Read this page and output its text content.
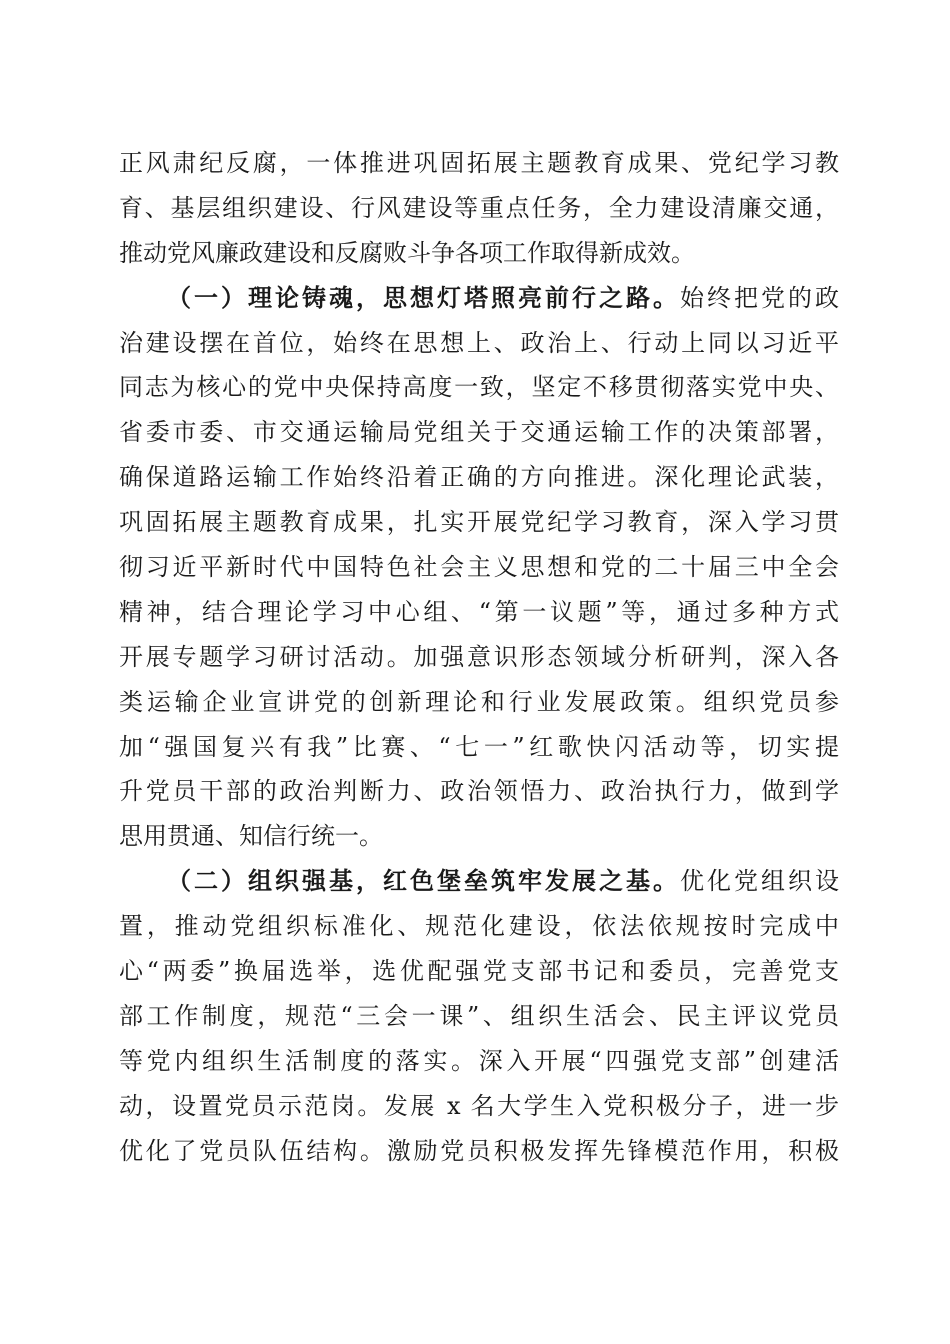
正风肃纪反腐，一体推进巩固拓展主题教育成果、党纪学习教
育、基层组织建设、行风建设等重点任务，全力建设清廉交通，
推动党风廉政建设和反腐败斗争各项工作取得新成效。
（一）理论铸魂，思想灯塔照亮前行之路。始终把党的政
治建设摆在首位，始终在思想上、政治上、行动上同以习近平
同志为核心的党中央保持高度一致，坚定不移贯彻落实党中央、
省委市委、市交通运输局党组关于交通运输工作的决策部署，
确保道路运输工作始终沿着正确的方向推进。深化理论武装，
巩固拓展主题教育成果，扎实开展党纪学习教育，深入学习贯
彻习近平新时代中国特色社会主义思想和党的二十届三中全会
精神，结合理论学习中心组、“第一议题”等，通过多种方式
开展专题学习研讨活动。加强意识形态领域分析研判，深入各
类运输企业宣讲党的创新理论和行业发展政策。组织党员参
加“强国复兴有我”比赛、“七一”红歌快闪活动等，切实提
升党员干部的政治判断力、政治领悟力、政治执行力，做到学
思用贯通、知信行统一。
（二）组织强基，红色堡垒筑牢发展之基。优化党组织设
置，推动党组织标准化、规范化建设，依法依规按时完成中
心“两委”换届选举，选优配强党支部书记和委员，完善党支
部工作制度，规范“三会一课”、组织生活会、民主评议党员
等党内组织生活制度的落实。深入开展“四强党支部”创建活
动，设置党员示范岗。发展 x 名大学生入党积极分子，进一步
优化了党员队伍结构。激励党员积极发挥先锋模范作用，积极
